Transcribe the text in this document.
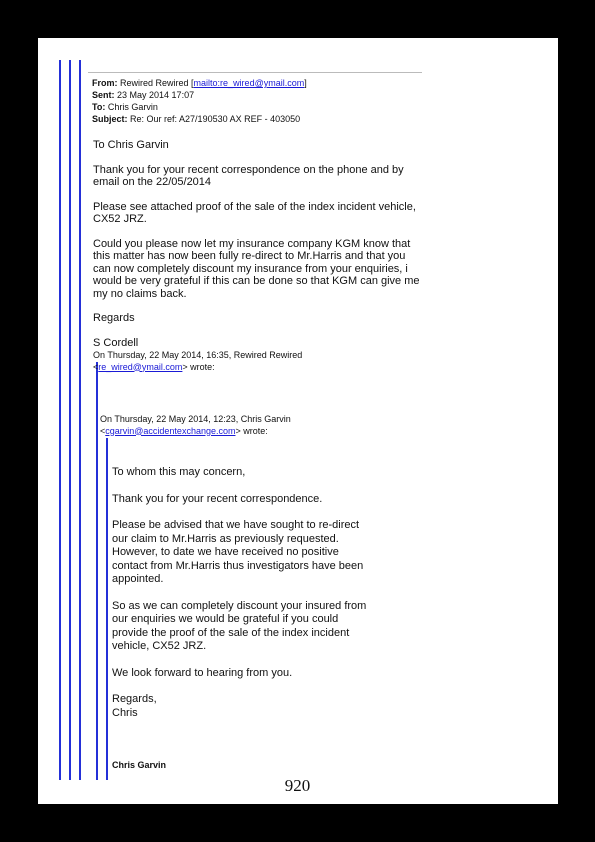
From: Rewired Rewired [mailto:re_wired@ymail.com]
Sent: 23 May 2014 17:07
To: Chris Garvin
Subject: Re: Our ref: A27/190530 AX REF - 403050

To Chris Garvin

Thank you for your recent correspondence on the phone and by email on the 22/05/2014

Please see attached proof of the sale of the index incident vehicle, CX52 JRZ.

Could you please now let my insurance company KGM know that this matter has now been fully re-direct to Mr.Harris and that you can now completely discount my insurance from your enquiries, i would be very grateful if this can be done so that KGM can give me my no claims back.

Regards

S Cordell

On Thursday, 22 May 2014, 16:35, Rewired Rewired

<re_wired@ymail.com> wrote:

On Thursday, 22 May 2014, 12:23, Chris Garvin

<cgarvin@accidentexchange.com> wrote:

To whom this may concern,

Thank you for your recent correspondence.

Please be advised that we have sought to re-direct our claim to Mr.Harris as previously requested. However, to date we have received no positive contact from Mr.Harris thus investigators have been appointed.

So as we can completely discount your insured from our enquiries we would be grateful if you could provide the proof of the sale of the index incident vehicle, CX52 JRZ.

We look forward to hearing from you.

Regards,

Chris

Chris Garvin
920
